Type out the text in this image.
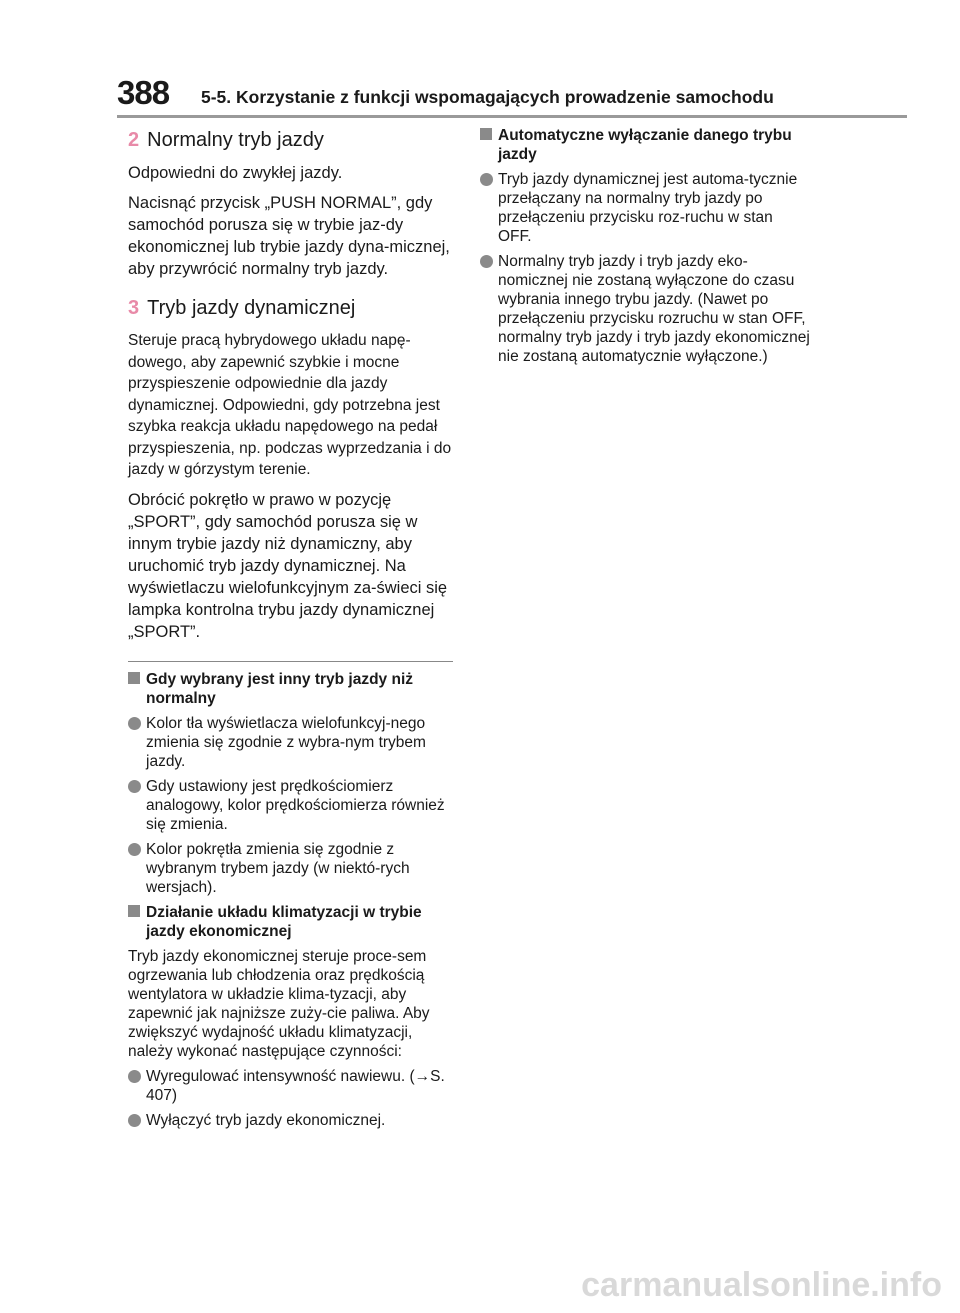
388 5-5. Korzystanie z funkcji wspomagających prowadzenie samochodu
2 Normalny tryb jazdy

Odpowiedni do zwykłej jazdy.

Nacisnąć przycisk „PUSH NORMAL”, gdy samochód porusza się w trybie jaz-dy ekonomicznej lub trybie jazdy dyna-micznej, aby przywrócić normalny tryb jazdy.

3 Tryb jazdy dynamicznej

Steruje pracą hybrydowego układu napę-dowego, aby zapewnić szybkie i mocne przyspieszenie odpowiednie dla jazdy dynamicznej. Odpowiedni, gdy potrzebna jest szybka reakcja układu napędowego na pedał przyspieszenia, np. podczas wyprzedzania i do jazdy w górzystym terenie.

Obrócić pokrętło w prawo w pozycję „SPORT”, gdy samochód porusza się w innym trybie jazdy niż dynamiczny, aby uruchomić tryb jazdy dynamicznej. Na wyświetlaczu wielofunkcyjnym za-świeci się lampka kontrolna trybu jazdy dynamicznej „SPORT”.

Gdy wybrany jest inny tryb jazdy niż normalny
Kolor tła wyświetlacza wielofunkcyj-nego zmienia się zgodnie z wybra-nym trybem jazdy.
Gdy ustawiony jest prędkościomierz analogowy, kolor prędkościomierza również się zmienia.
Kolor pokrętła zmienia się zgodnie z wybranym trybem jazdy (w niektó-rych wersjach).
Działanie układu klimatyzacji w trybie jazdy ekonomicznej

Tryb jazdy ekonomicznej steruje proce-sem ogrzewania lub chłodzenia oraz prędkością wentylatora w układzie klima-tyzacji, aby zapewnić jak najniższe zuży-cie paliwa. Aby zwiększyć wydajność układu klimatyzacji, należy wykonać następujące czynności:

Wyregulować intensywność nawiewu. (→S. 407)
Wyłączyć tryb jazdy ekonomicznej.
Automatyczne wyłączanie danego trybu jazdy
Tryb jazdy dynamicznej jest automa-tycznie przełączany na normalny tryb jazdy po przełączeniu przycisku roz-ruchu w stan OFF.
Normalny tryb jazdy i tryb jazdy eko-nomicznej nie zostaną wyłączone do czasu wybrania innego trybu jazdy. (Nawet po przełączeniu przycisku rozruchu w stan OFF, normalny tryb jazdy i tryb jazdy ekonomicznej nie zostaną automatycznie wyłączone.)
carmanualsonline.info
